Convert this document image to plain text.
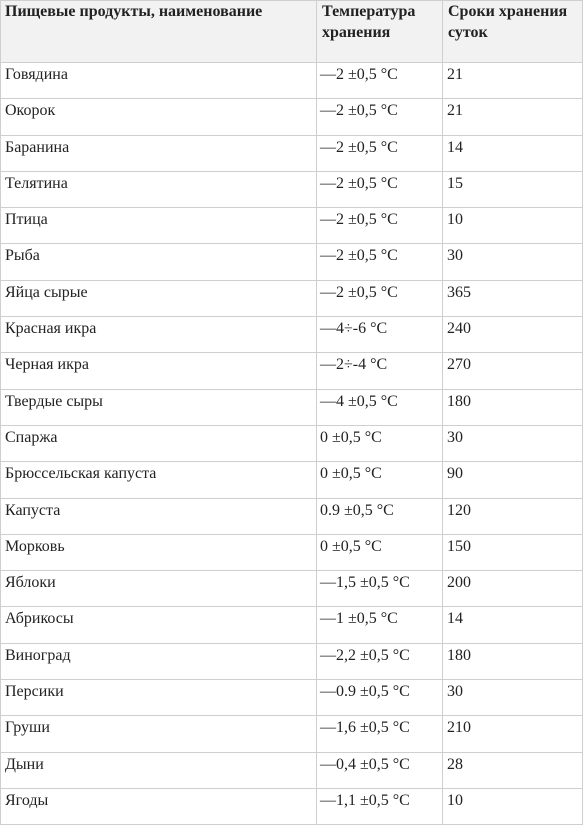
Пищевые продукты, наименование	Температура хранения	Сроки хранения суток
Говядина	—2 ±0,5 °С	21
Окорок	—2 ±0,5 °С	21
Баранина	—2 ±0,5 °С	14
Телятина	—2 ±0,5 °С	15
Птица	—2 ±0,5 °С	10
Рыба	—2 ±0,5 °С	30
Яйца сырые	—2 ±0,5 °С	365
Красная икра	—4÷-6 °С	240
Черная икра	—2÷-4 °С	270
Твердые сыры	—4 ±0,5 °С	180
Спаржа	0 ±0,5 °С	30
Брюссельская капуста	0 ±0,5 °С	90
Капуста	0.9 ±0,5 °С	120
Морковь	0 ±0,5 °С	150
Яблоки	—1,5 ±0,5 °С	200
Абрикосы	—1 ±0,5 °С	14
Виноград	—2,2 ±0,5 °С	180
Персики	—0.9 ±0,5 °С	30
Груши	—1,6 ±0,5 °С	210
Дыни	—0,4 ±0,5 °С	28
Ягоды	—1,1 ±0,5 °С	10
